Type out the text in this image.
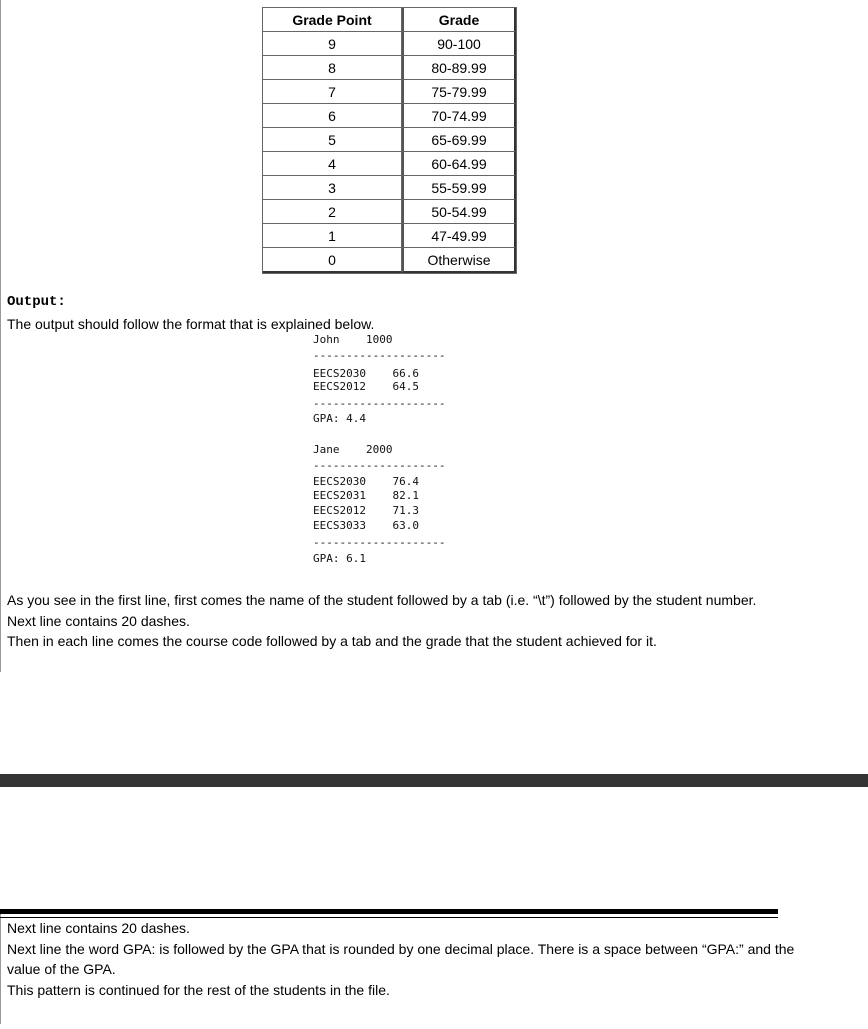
Grade Point	Grade
9	90-100
8	80-89.99
7	75-79.99
6	70-74.99
5	65-69.99
4	60-64.99
3	55-59.99
2	50-54.99
1	47-49.99
0	Otherwise
Output:
The output should follow the format that is explained below.
John 1000
--------------------
EECS2030 66.6
EECS2012 64.5
--------------------
GPA: 4.4
Jane 2000
--------------------
EECS2030 76.4
EECS2031 82.1
EECS2012 71.3
EECS3033 63.0
--------------------
GPA: 6.1
As you see in the first line, first comes the name of the student followed by a tab (i.e. “\t”) followed by the student number.
Next line contains 20 dashes.
Then in each line comes the course code followed by a tab and the grade that the student achieved for it.
Next line contains 20 dashes.
Next line the word GPA: is followed by the GPA that is rounded by one decimal place. There is a space between “GPA:” and the value of the GPA.
This pattern is continued for the rest of the students in the file.
